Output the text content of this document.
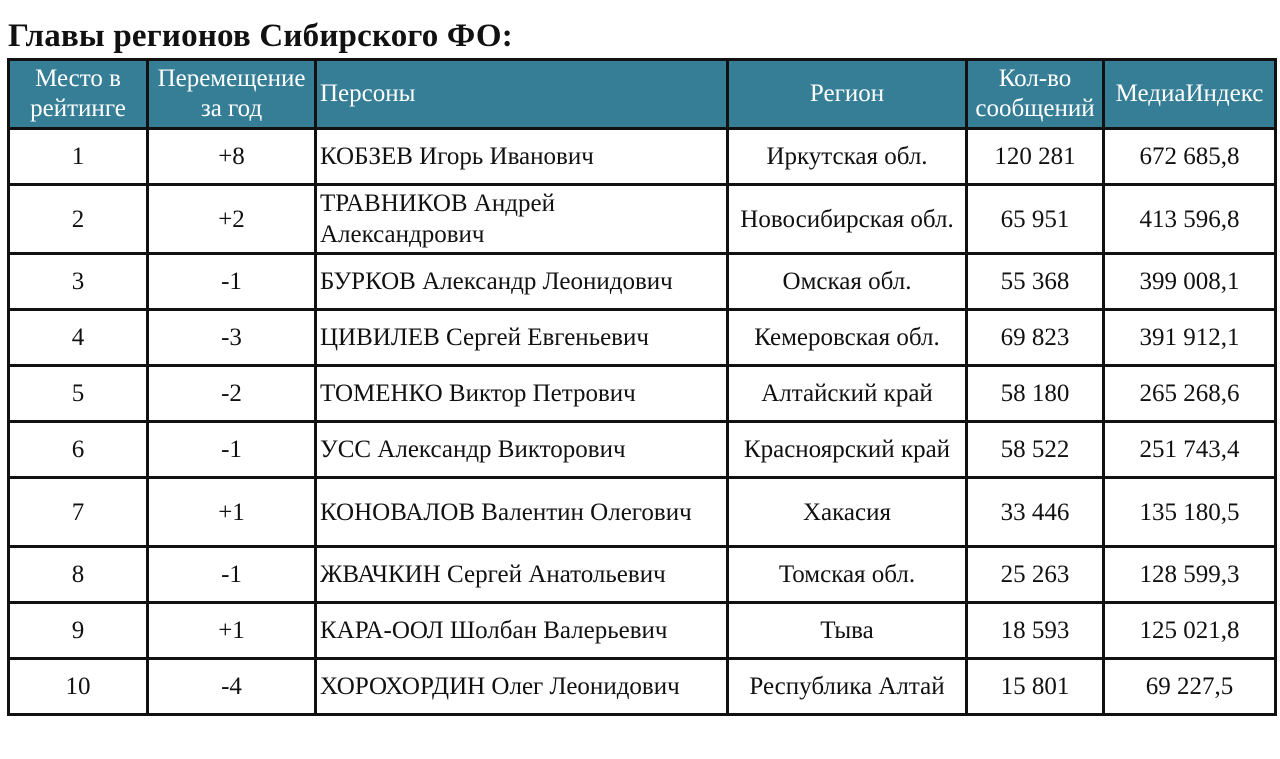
Главы регионов Сибирского ФО:
Место в рейтинге	Перемещение за год	Персоны	Регион	Кол-во сообщений	МедиаИндекс
1	+8	КОБЗЕВ Игорь Иванович	Иркутская обл.	120 281	672 685,8
2	+2	ТРАВНИКОВ Андрей Александрович	Новосибирская обл.	65 951	413 596,8
3	-1	БУРКОВ Александр Леонидович	Омская обл.	55 368	399 008,1
4	-3	ЦИВИЛЕВ Сергей Евгеньевич	Кемеровская обл.	69 823	391 912,1
5	-2	ТОМЕНКО Виктор Петрович	Алтайский край	58 180	265 268,6
6	-1	УСС Александр Викторович	Красноярский край	58 522	251 743,4
7	+1	КОНОВАЛОВ Валентин Олегович	Хакасия	33 446	135 180,5
8	-1	ЖВАЧКИН Сергей Анатольевич	Томская обл.	25 263	128 599,3
9	+1	КАРА-ООЛ Шолбан Валерьевич	Тыва	18 593	125 021,8
10	-4	ХОРОХОРДИН Олег Леонидович	Республика Алтай	15 801	69 227,5
